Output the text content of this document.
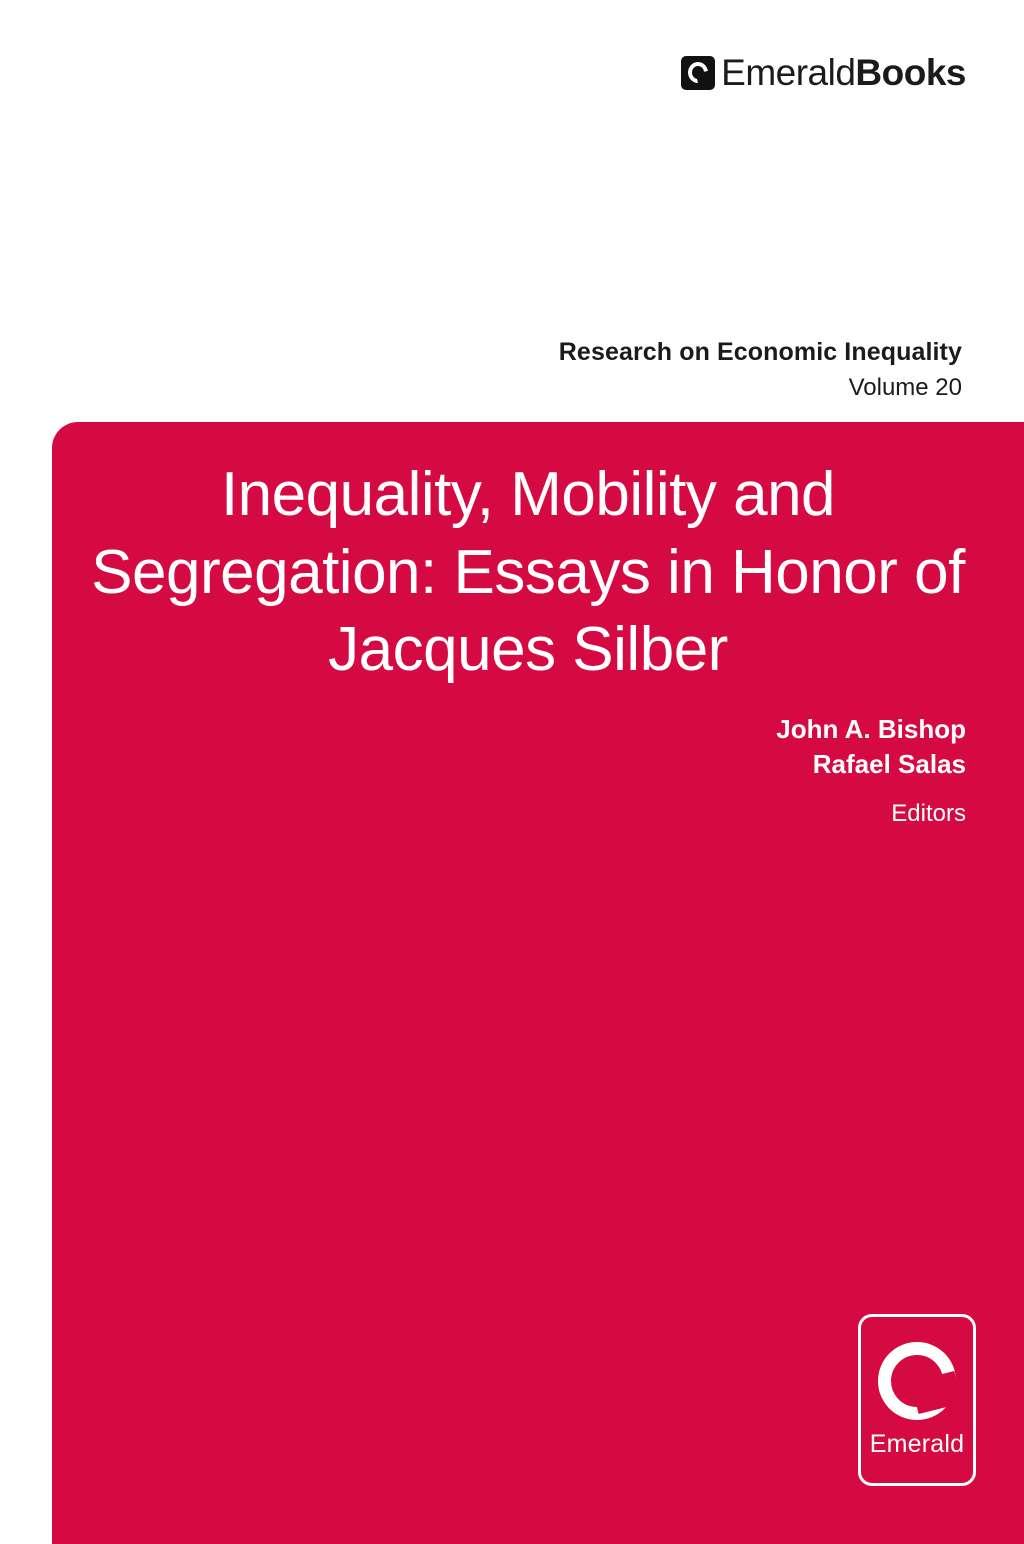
EmeraldBooks
Research on Economic Inequality
Volume 20
Inequality, Mobility and Segregation: Essays in Honor of Jacques Silber
John A. Bishop
Rafael Salas
Editors
Emerald
